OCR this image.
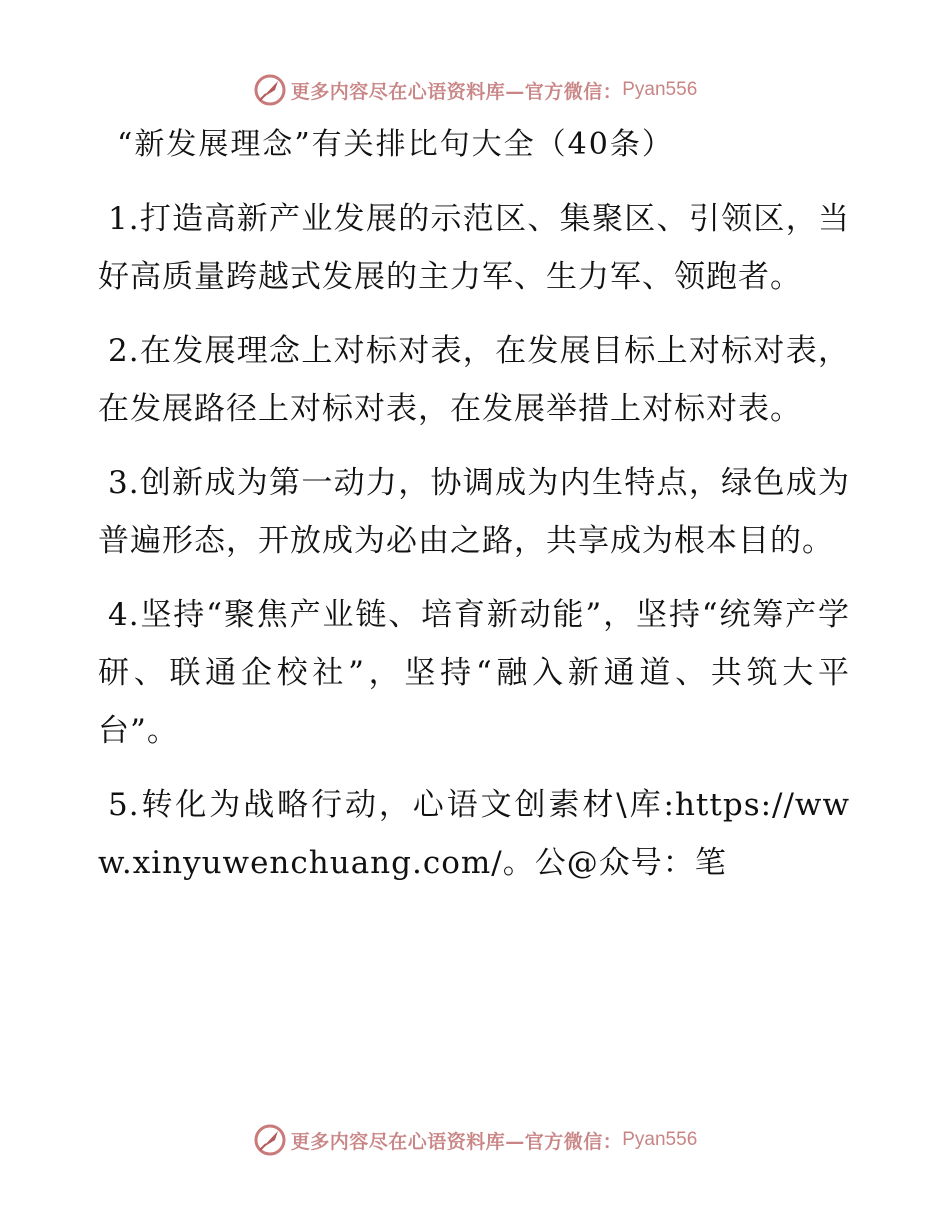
更多内容尽在心语资料库—官方微信： Pyan556
“新发展理念”有关排比句大全（40条）

1.打造高新产业发展的示范区、集聚区、引领区，当好高质量跨越式发展的主力军、生力军、领跑者。

2.在发展理念上对标对表，在发展目标上对标对表，在发展路径上对标对表，在发展举措上对标对表。

3.创新成为第一动力，协调成为内生特点，绿色成为普遍形态，开放成为必由之路，共享成为根本目的。

4.坚持“聚焦产业链、培育新动能”，坚持“统筹产学研、联通企校社”，坚持“融入新通道、共筑大平台”。

5.转化为战略行动，心语文创素材\库:https://www.xinyuwenchuang.com/。公@众号：笔

更多内容尽在心语资料库—官方微信： Pyan556
